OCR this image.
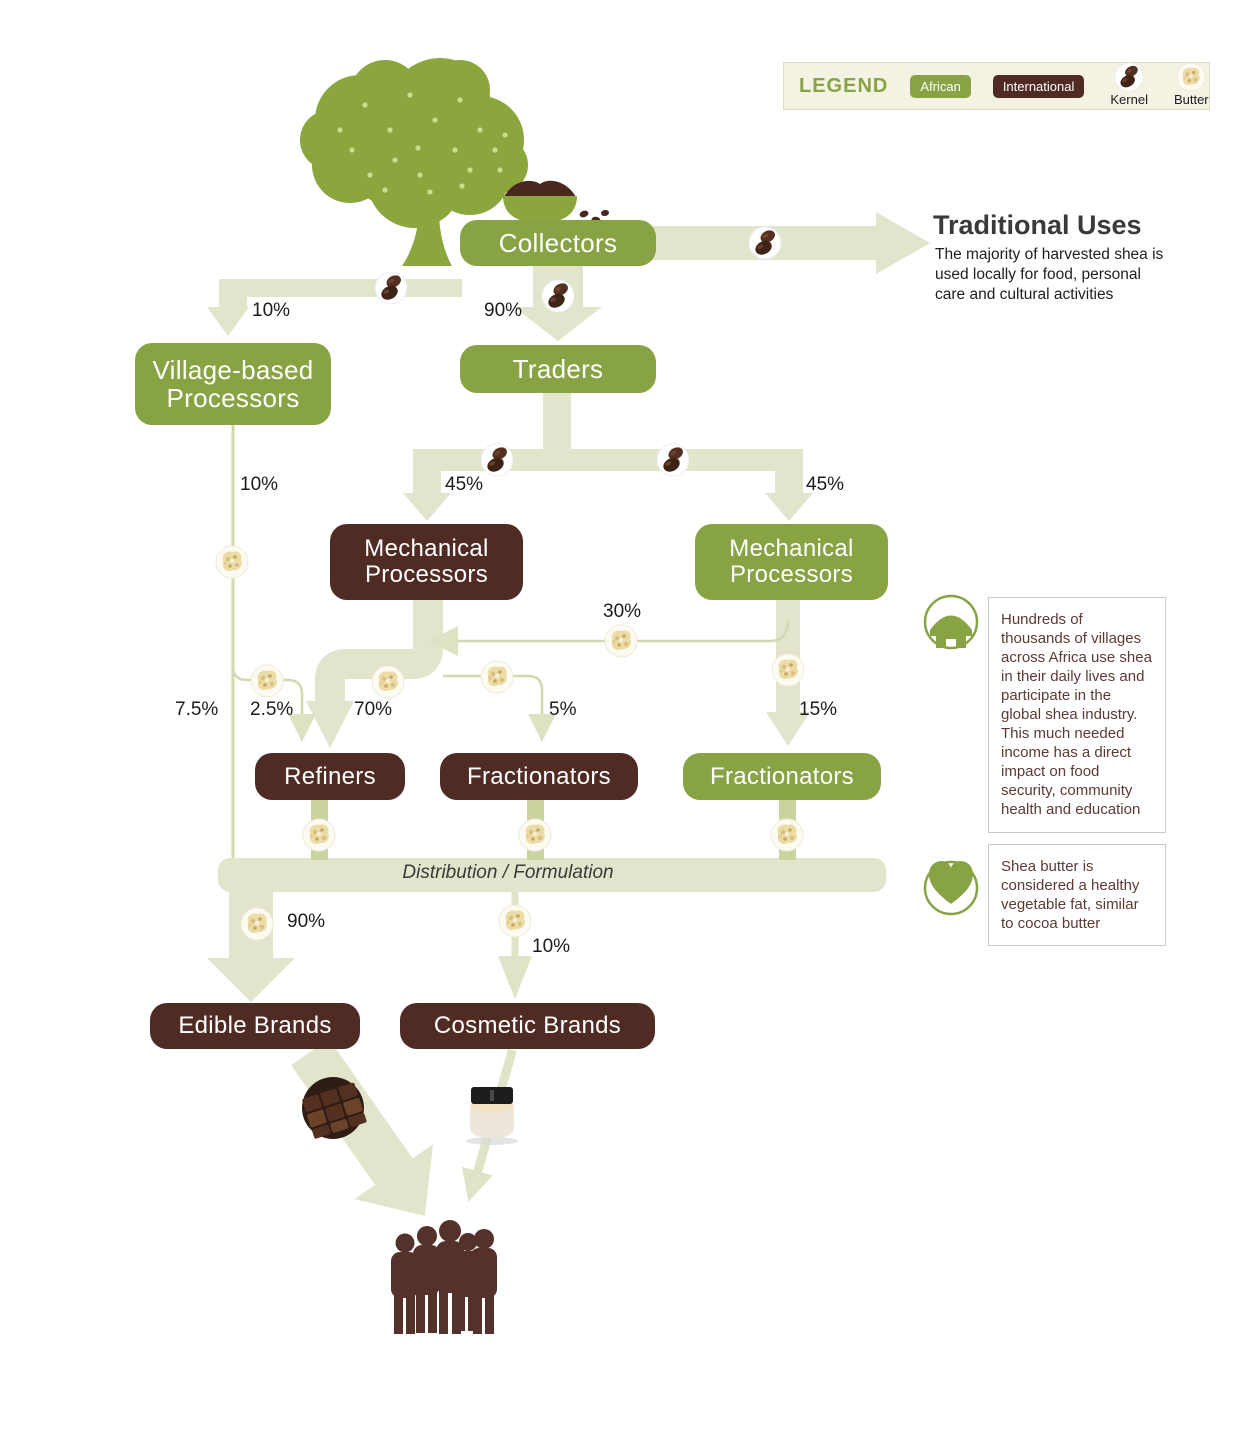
LEGEND	African	International
Kernel Butter
Traditional Uses
The majority of harvested shea is used locally for food, personal care and cultural activities
Collectors
Village-based Processors
Traders
Mechanical Processors
Mechanical Processors
Refiners	Fractionators	Fractionators
Edible Brands	Cosmetic Brands
10%	90%
10%	45%	45%
30%
7.5% 2.5%	70%	5%	15%
90%
10%
Distribution / Formulation
Hundreds of thousands of villages across Africa use shea in their daily lives and participate in the global shea industry. This much needed income has a direct impact on food security, community health and education
Shea butter is considered a healthy vegetable fat, similar to cocoa butter
